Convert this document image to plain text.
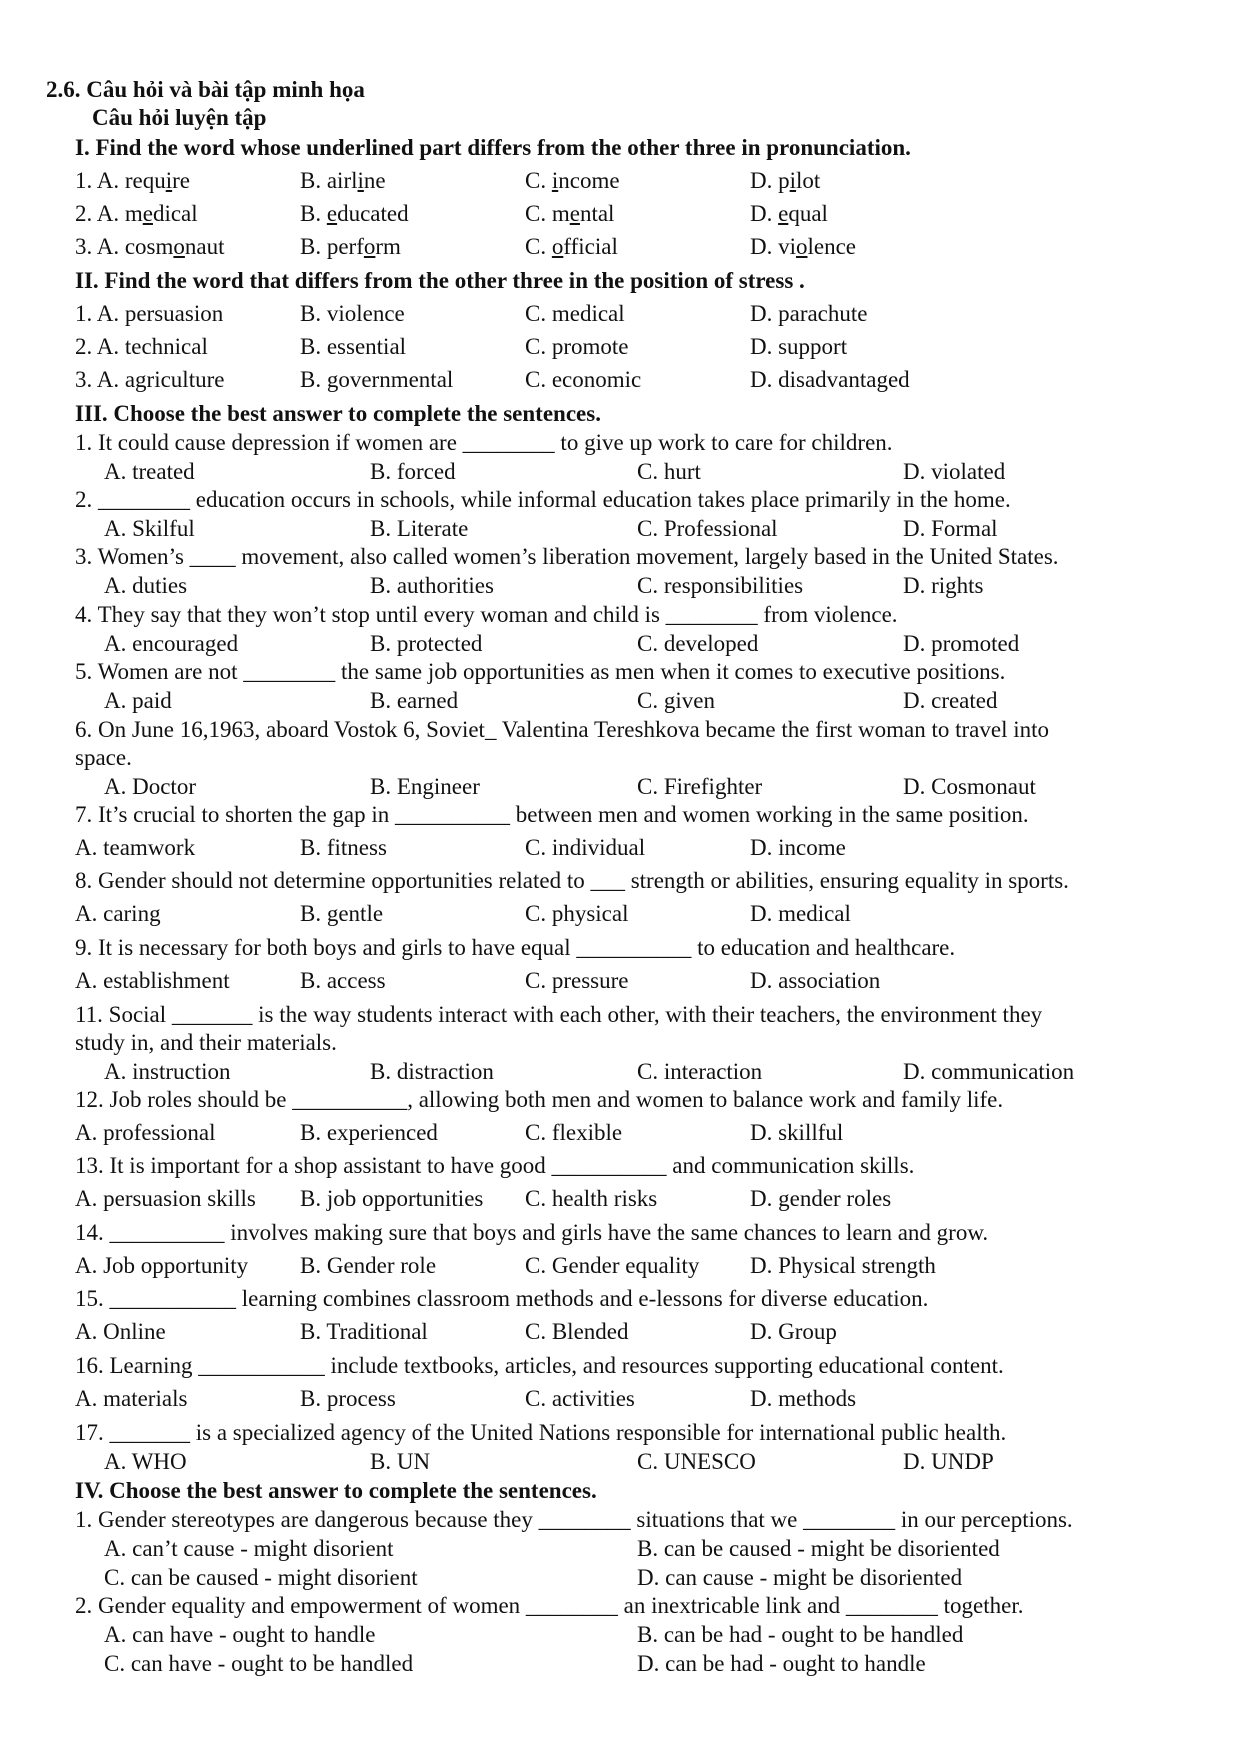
2.6. Câu hỏi và bài tập minh họa
Câu hỏi luyện tập
I. Find the word whose underlined part differs from the other three in pronunciation.
1. A. require	B. airline	C. income	D. pilot
2. A. medical	B. educated	C. mental	D. equal
3. A. cosmonaut	B. perform	C. official	D. violence
II. Find the word that differs from the other three in the position of stress .
1. A. persuasion	B. violence	C. medical	D. parachute
2. A. technical	B. essential	C. promote	D. support
3. A. agriculture	B. governmental	C. economic	D. disadvantaged
III. Choose the best answer to complete the sentences.
1. It could cause depression if women are ________ to give up work to care for children.
A. treated	B. forced	C. hurt	D. violated
2. ________ education occurs in schools, while informal education takes place primarily in the home.
A. Skilful	B. Literate	C. Professional	D. Formal
3. Women’s ____ movement, also called women’s liberation movement, largely based in the United States.
A. duties	B. authorities	C. responsibilities	D. rights
4. They say that they won’t stop until every woman and child is ________ from violence.
A. encouraged	B. protected	C. developed	D. promoted
5. Women are not ________ the same job opportunities as men when it comes to executive positions.
A. paid	B. earned	C. given	D. created
6. On June 16,1963, aboard Vostok 6, Soviet_ Valentina Tereshkova became the first woman to travel into
space.
A. Doctor	B. Engineer	C. Firefighter	D. Cosmonaut
7. It’s crucial to shorten the gap in __________ between men and women working in the same position.
A. teamwork	B. fitness	C. individual	D. income
8. Gender should not determine opportunities related to ___ strength or abilities, ensuring equality in sports.
A. caring	B. gentle	C. physical	D. medical
9. It is necessary for both boys and girls to have equal __________ to education and healthcare.
A. establishment	B. access	C. pressure	D. association
11. Social _______ is the way students interact with each other, with their teachers, the environment they
study in, and their materials.
A. instruction	B. distraction	C. interaction	D. communication
12. Job roles should be __________, allowing both men and women to balance work and family life.
A. professional	B. experienced	C. flexible	D. skillful
13. It is important for a shop assistant to have good __________ and communication skills.
A. persuasion skills B. job opportunities C. health risks	D. gender roles
14. __________ involves making sure that boys and girls have the same chances to learn and grow.
A. Job opportunity B. Gender role	C. Gender equality D. Physical strength
15. ___________ learning combines classroom methods and e-lessons for diverse education.
A. Online	B. Traditional	C. Blended	D. Group
16. Learning ___________ include textbooks, articles, and resources supporting educational content.
A. materials	B. process	C. activities	D. methods
17. _______ is a specialized agency of the United Nations responsible for international public health.
A. WHO	B. UN	C. UNESCO	D. UNDP
IV. Choose the best answer to complete the sentences.
1. Gender stereotypes are dangerous because they ________ situations that we ________ in our perceptions.
A. can’t cause - might disorient	B. can be caused - might be disoriented
C. can be caused - might disorient	D. can cause - might be disoriented
2. Gender equality and empowerment of women ________ an inextricable link and ________ together.
A. can have - ought to handle	B. can be had - ought to be handled
C. can have - ought to be handled	D. can be had - ought to handle
